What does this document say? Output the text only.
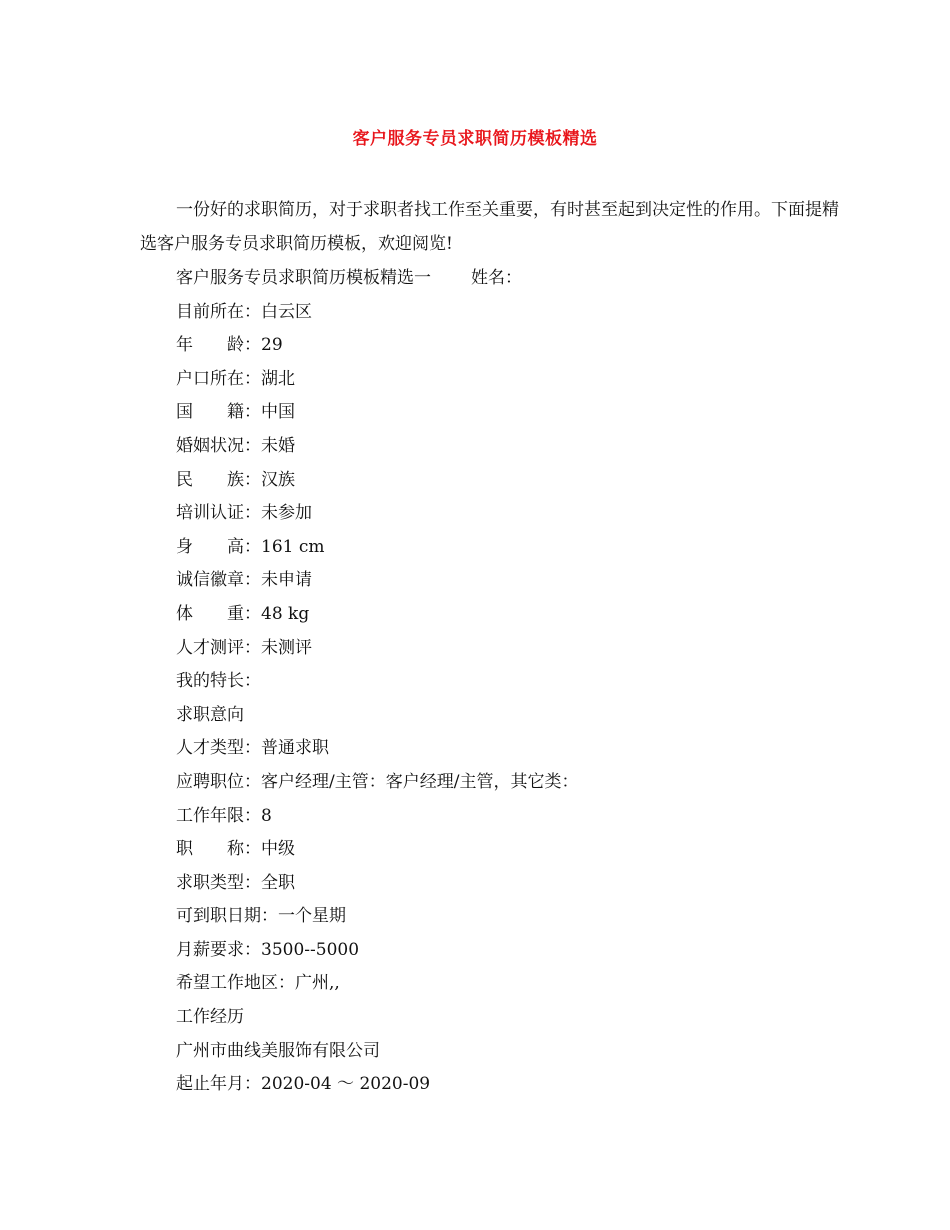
客户服务专员求职简历模板精选
一份好的求职简历，对于求职者找工作至关重要，有时甚至起到决定性的作用。下面提精选客户服务专员求职简历模板，欢迎阅览!
客户服务专员求职简历模板精选一 姓名：
目前所在：白云区
年　　龄：29
户口所在：湖北
国　　籍：中国
婚姻状况：未婚
民　　族：汉族
培训认证：未参加
身　　高：161 cm
诚信徽章：未申请
体　　重：48 kg
人才测评：未测评
我的特长：
求职意向
人才类型：普通求职
应聘职位：客户经理/主管：客户经理/主管，其它类：
工作年限：8
职　　称：中级
求职类型：全职
可到职日期：一个星期
月薪要求：3500--5000
希望工作地区：广州,,
工作经历
广州市曲线美服饰有限公司
起止年月：2020-04 ～ 2020-09
